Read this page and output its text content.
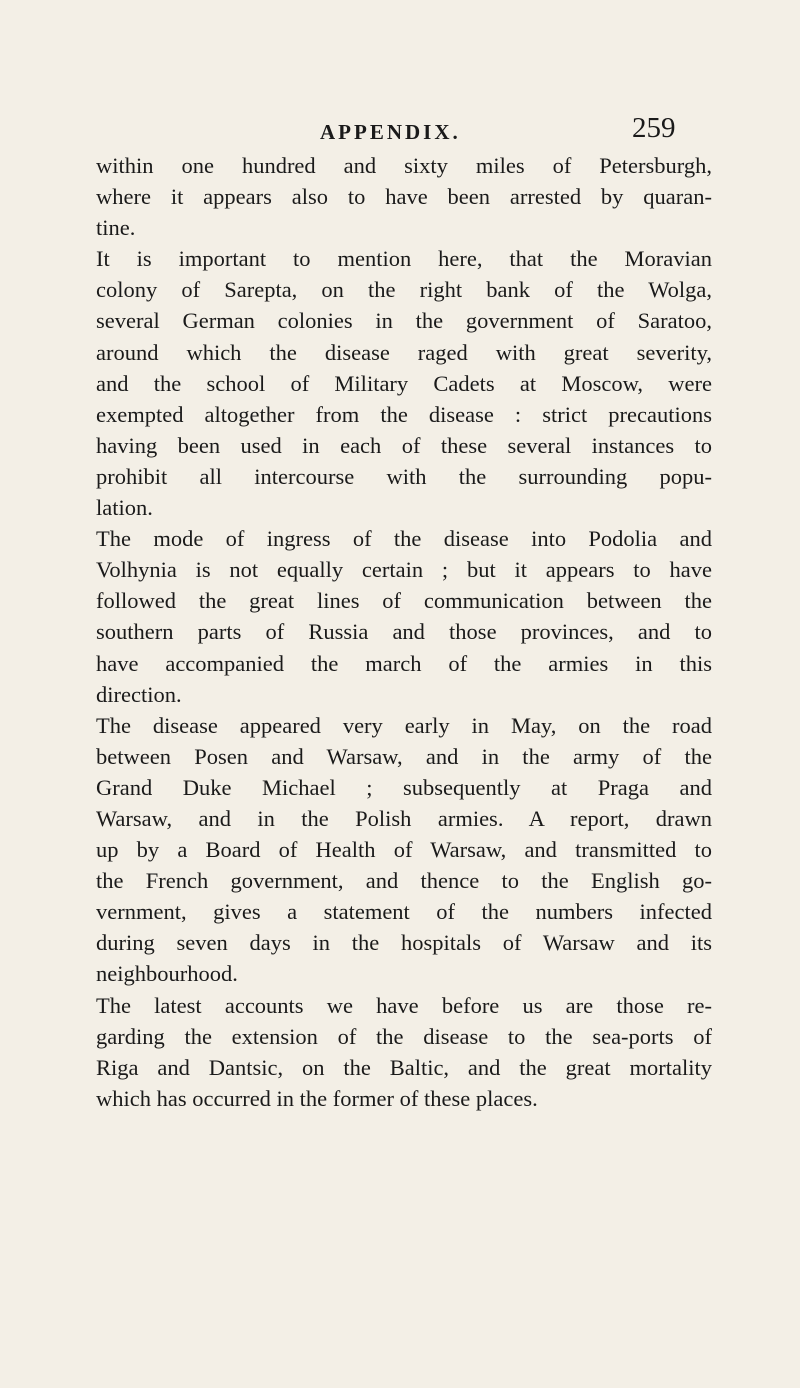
APPENDIX.	259
within one hundred and sixty miles of Petersburgh,
where it appears also to have been arrested by quaran-
tine.
It is important to mention here, that the Moravian
colony of Sarepta, on the right bank of the Wolga,
several German colonies in the government of Saratoo,
around which the disease raged with great severity,
and the school of Military Cadets at Moscow, were
exempted altogether from the disease : strict precautions
having been used in each of these several instances to
prohibit all intercourse with the surrounding popu-
lation.
The mode of ingress of the disease into Podolia and
Volhynia is not equally certain ; but it appears to have
followed the great lines of communication between the
southern parts of Russia and those provinces, and to
have accompanied the march of the armies in this
direction.
The disease appeared very early in May, on the road
between Posen and Warsaw, and in the army of the
Grand Duke Michael ; subsequently at Praga and
Warsaw, and in the Polish armies. A report, drawn
up by a Board of Health of Warsaw, and transmitted to
the French government, and thence to the English go-
vernment, gives a statement of the numbers infected
during seven days in the hospitals of Warsaw and its
neighbourhood.
The latest accounts we have before us are those re-
garding the extension of the disease to the sea-ports of
Riga and Dantsic, on the Baltic, and the great mortality
which has occurred in the former of these places.
